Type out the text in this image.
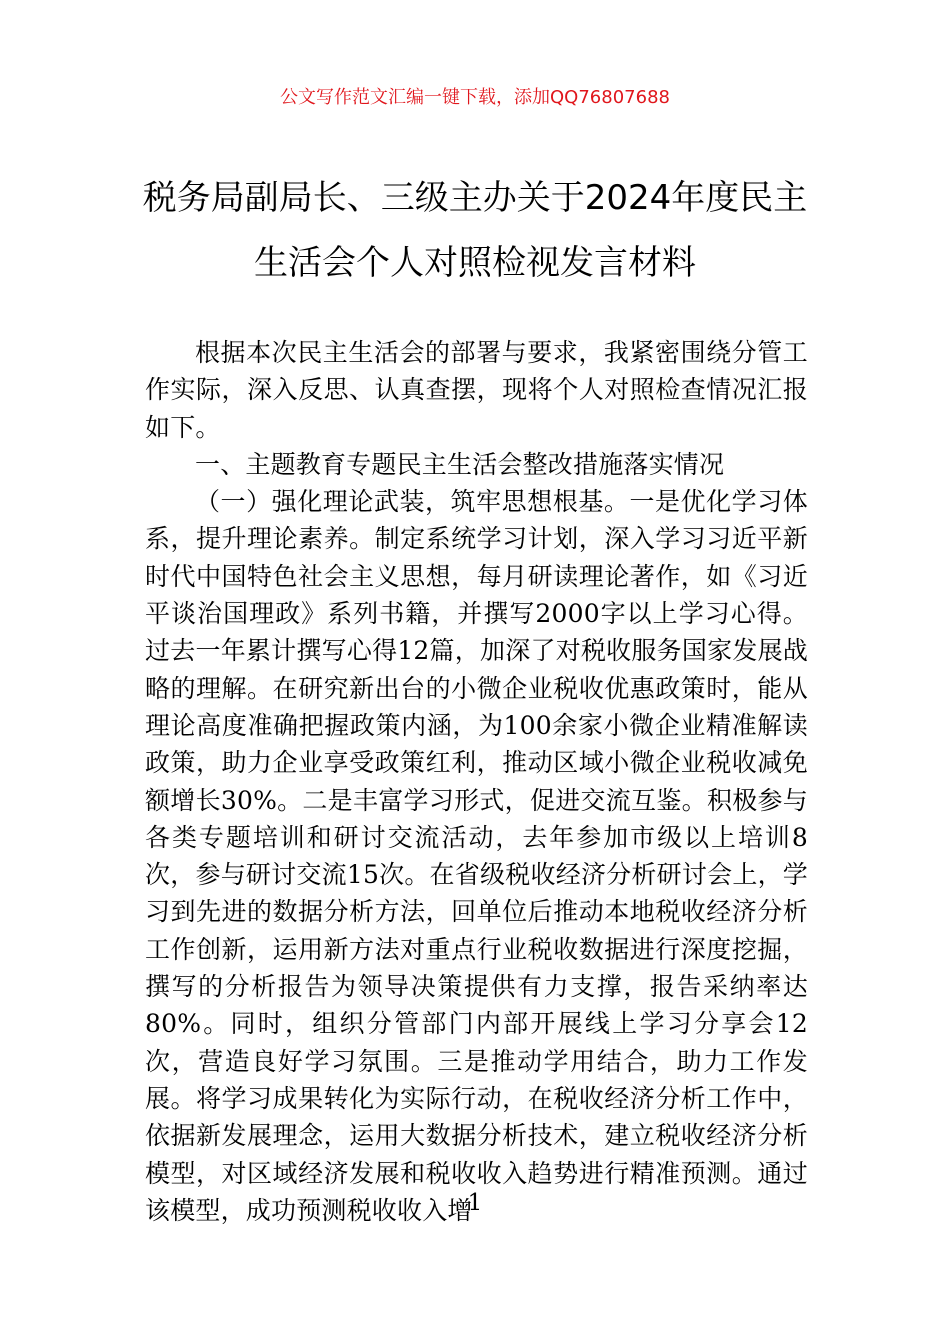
公文写作范文汇编一键下载，添加QQ76807688
税务局副局长、三级主办关于2024年度民主生活会个人对照检视发言材料

根据本次民主生活会的部署与要求，我紧密围绕分管工作实际，深入反思、认真查摆，现将个人对照检查情况汇报如下。

一、主题教育专题民主生活会整改措施落实情况

（一）强化理论武装，筑牢思想根基。一是优化学习体系，提升理论素养。制定系统学习计划，深入学习习近平新时代中国特色社会主义思想，每月研读理论著作，如《习近平谈治国理政》系列书籍，并撰写2000字以上学习心得。过去一年累计撰写心得12篇，加深了对税收服务国家发展战略的理解。在研究新出台的小微企业税收优惠政策时，能从理论高度准确把握政策内涵，为100余家小微企业精准解读政策，助力企业享受政策红利，推动区域小微企业税收减免额增长30%。二是丰富学习形式，促进交流互鉴。积极参与各类专题培训和研讨交流活动，去年参加市级以上培训8次，参与研讨交流15次。在省级税收经济分析研讨会上，学习到先进的数据分析方法，回单位后推动本地税收经济分析工作创新，运用新方法对重点行业税收数据进行深度挖掘，撰写的分析报告为领导决策提供有力支撑，报告采纳率达80%。同时，组织分管部门内部开展线上学习分享会12次，营造良好学习氛围。三是推动学用结合，助力工作发展。将学习成果转化为实际行动，在税收经济分析工作中，依据新发展理念，运用大数据分析技术，建立税收经济分析模型，对区域经济发展和税收收入趋势进行精准预测。通过该模型，成功预测税收收入增

1
